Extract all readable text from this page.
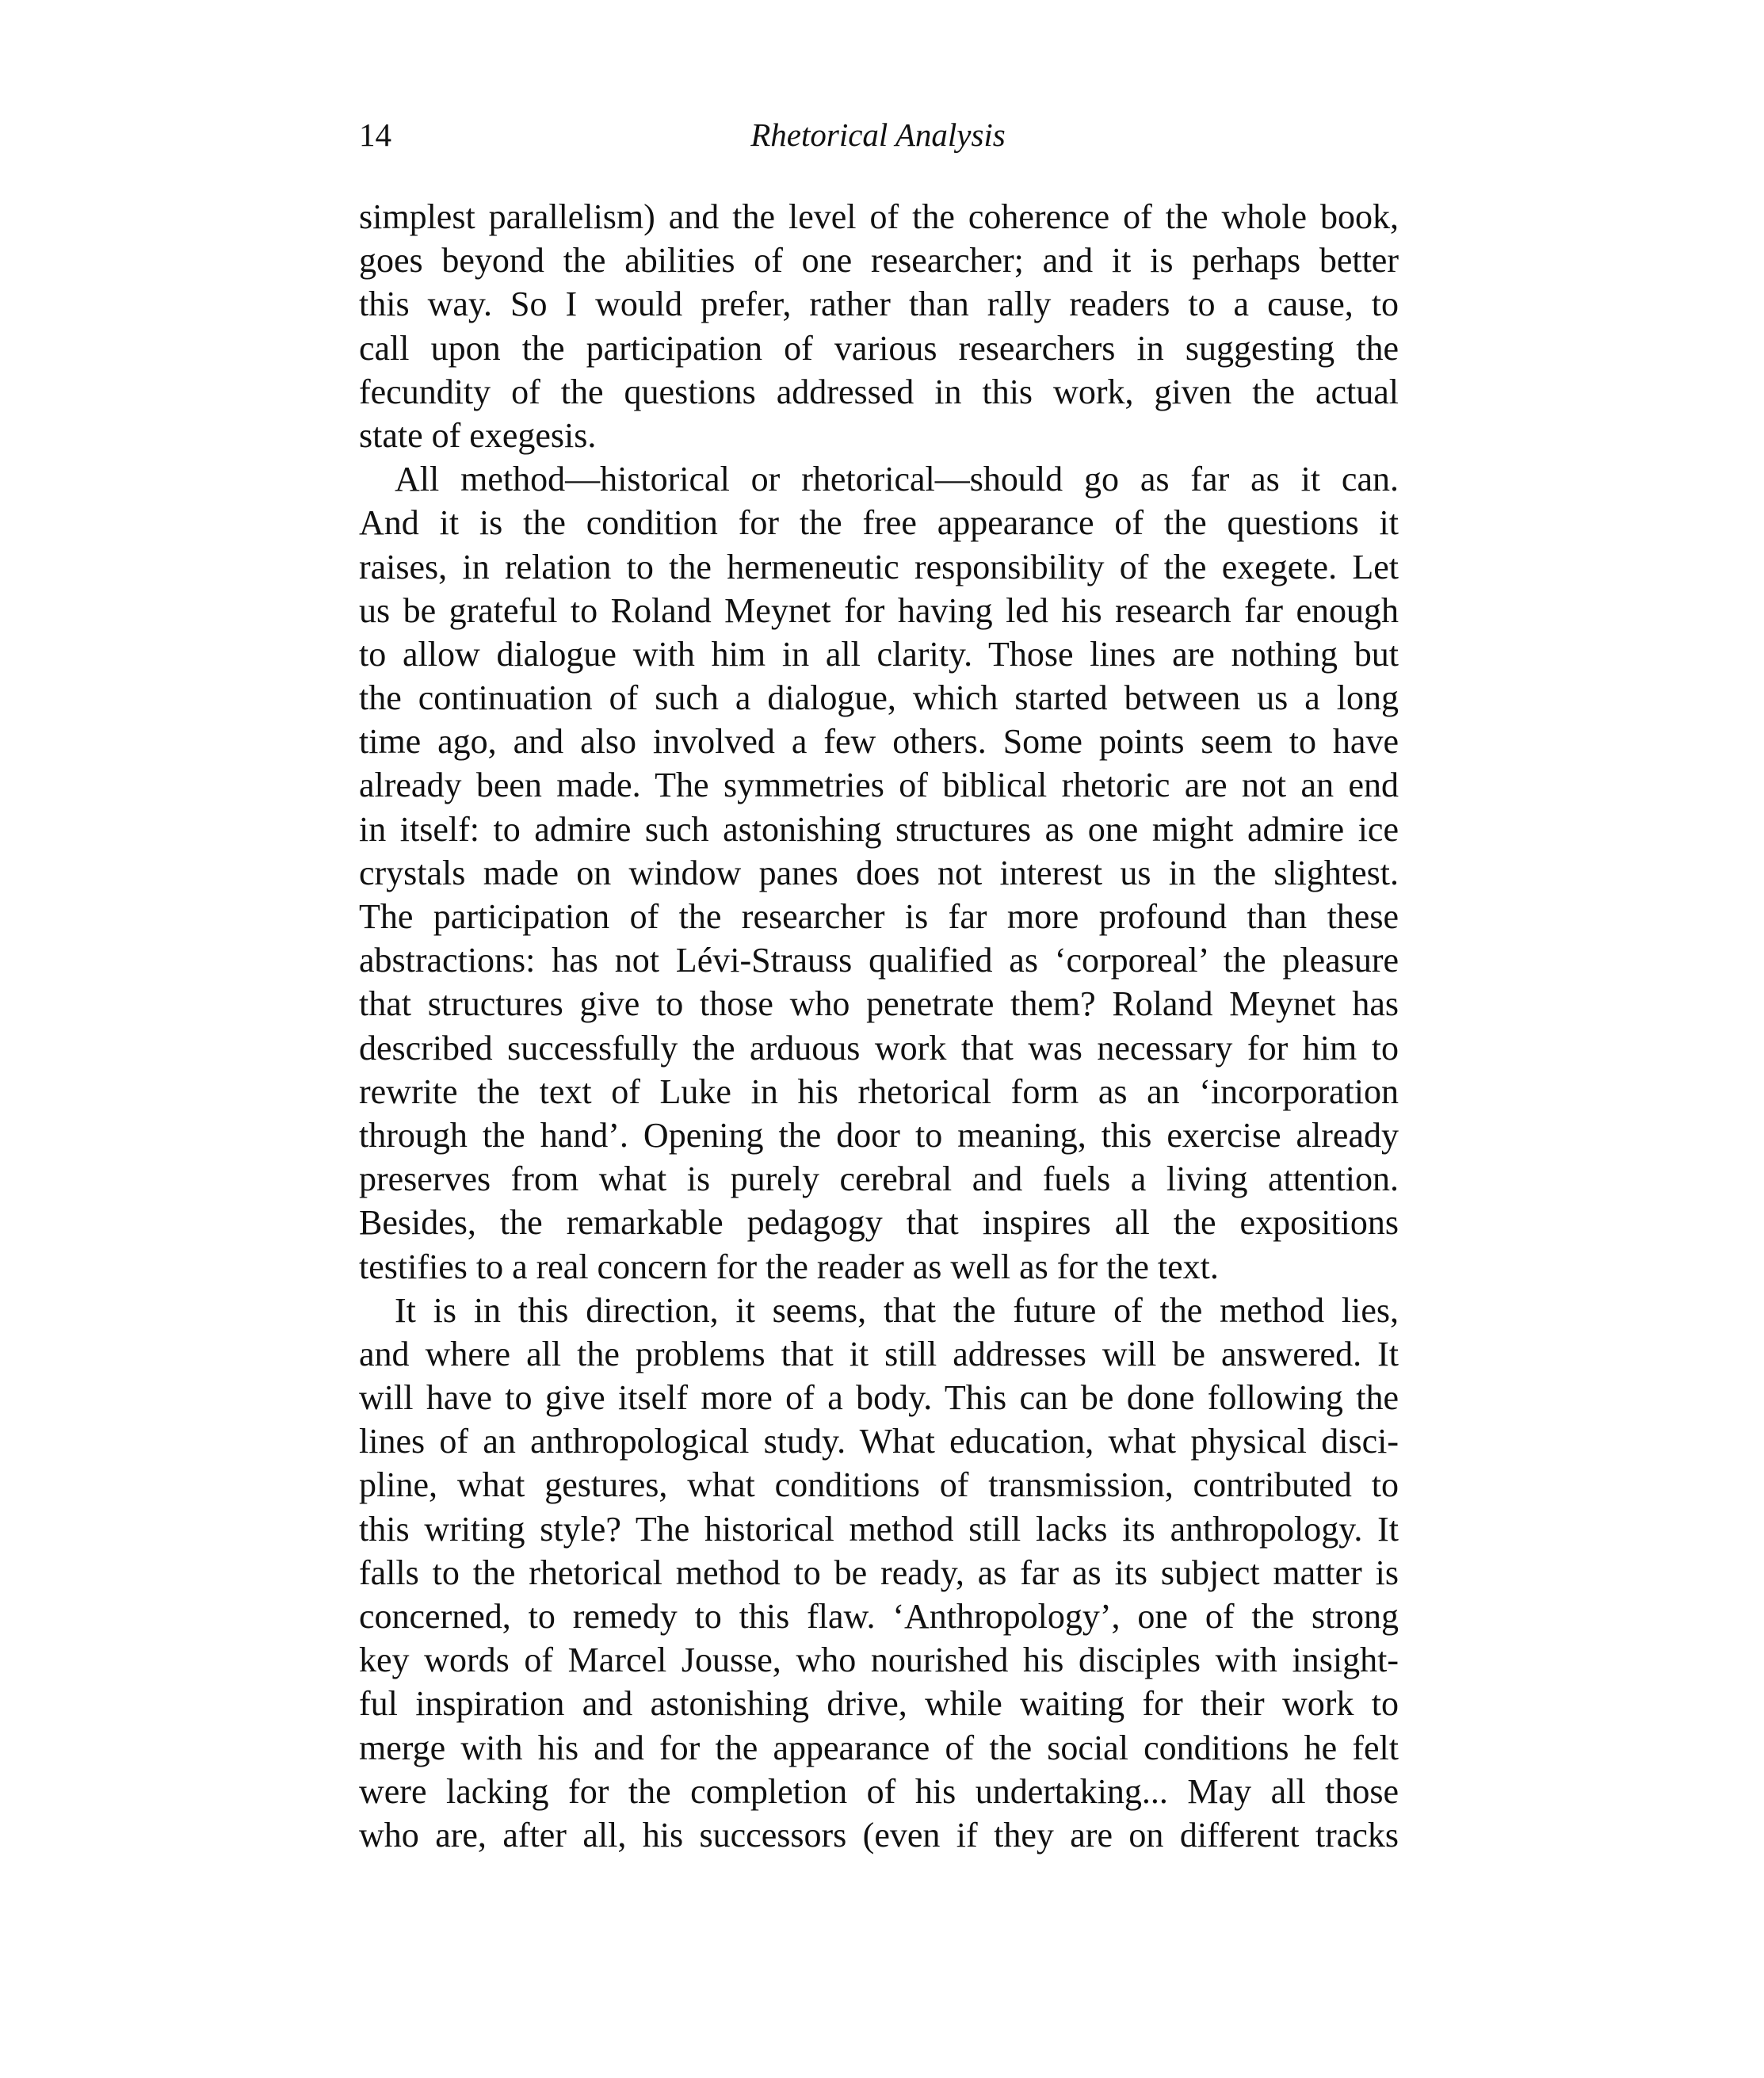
14	Rhetorical Analysis
simplest parallelism) and the level of the coherence of the whole book,
goes beyond the abilities of one researcher; and it is perhaps better
this way. So I would prefer, rather than rally readers to a cause, to
call upon the participation of various researchers in suggesting the
fecundity of the questions addressed in this work, given the actual
state of exegesis.
All method—historical or rhetorical—should go as far as it can.
And it is the condition for the free appearance of the questions it
raises, in relation to the hermeneutic responsibility of the exegete. Let
us be grateful to Roland Meynet for having led his research far enough
to allow dialogue with him in all clarity. Those lines are nothing but
the continuation of such a dialogue, which started between us a long
time ago, and also involved a few others. Some points seem to have
already been made. The symmetries of biblical rhetoric are not an end
in itself: to admire such astonishing structures as one might admire ice
crystals made on window panes does not interest us in the slightest.
The participation of the researcher is far more profound than these
abstractions: has not Lévi-Strauss qualified as ‘corporeal’ the pleasure
that structures give to those who penetrate them? Roland Meynet has
described successfully the arduous work that was necessary for him to
rewrite the text of Luke in his rhetorical form as an ‘incorporation
through the hand’. Opening the door to meaning, this exercise already
preserves from what is purely cerebral and fuels a living attention.
Besides, the remarkable pedagogy that inspires all the expositions
testifies to a real concern for the reader as well as for the text.
It is in this direction, it seems, that the future of the method lies,
and where all the problems that it still addresses will be answered. It
will have to give itself more of a body. This can be done following the
lines of an anthropological study. What education, what physical disci-
pline, what gestures, what conditions of transmission, contributed to
this writing style? The historical method still lacks its anthropology. It
falls to the rhetorical method to be ready, as far as its subject matter is
concerned, to remedy to this flaw. ‘Anthropology’, one of the strong
key words of Marcel Jousse, who nourished his disciples with insight-
ful inspiration and astonishing drive, while waiting for their work to
merge with his and for the appearance of the social conditions he felt
were lacking for the completion of his undertaking... May all those
who are, after all, his successors (even if they are on different tracks
